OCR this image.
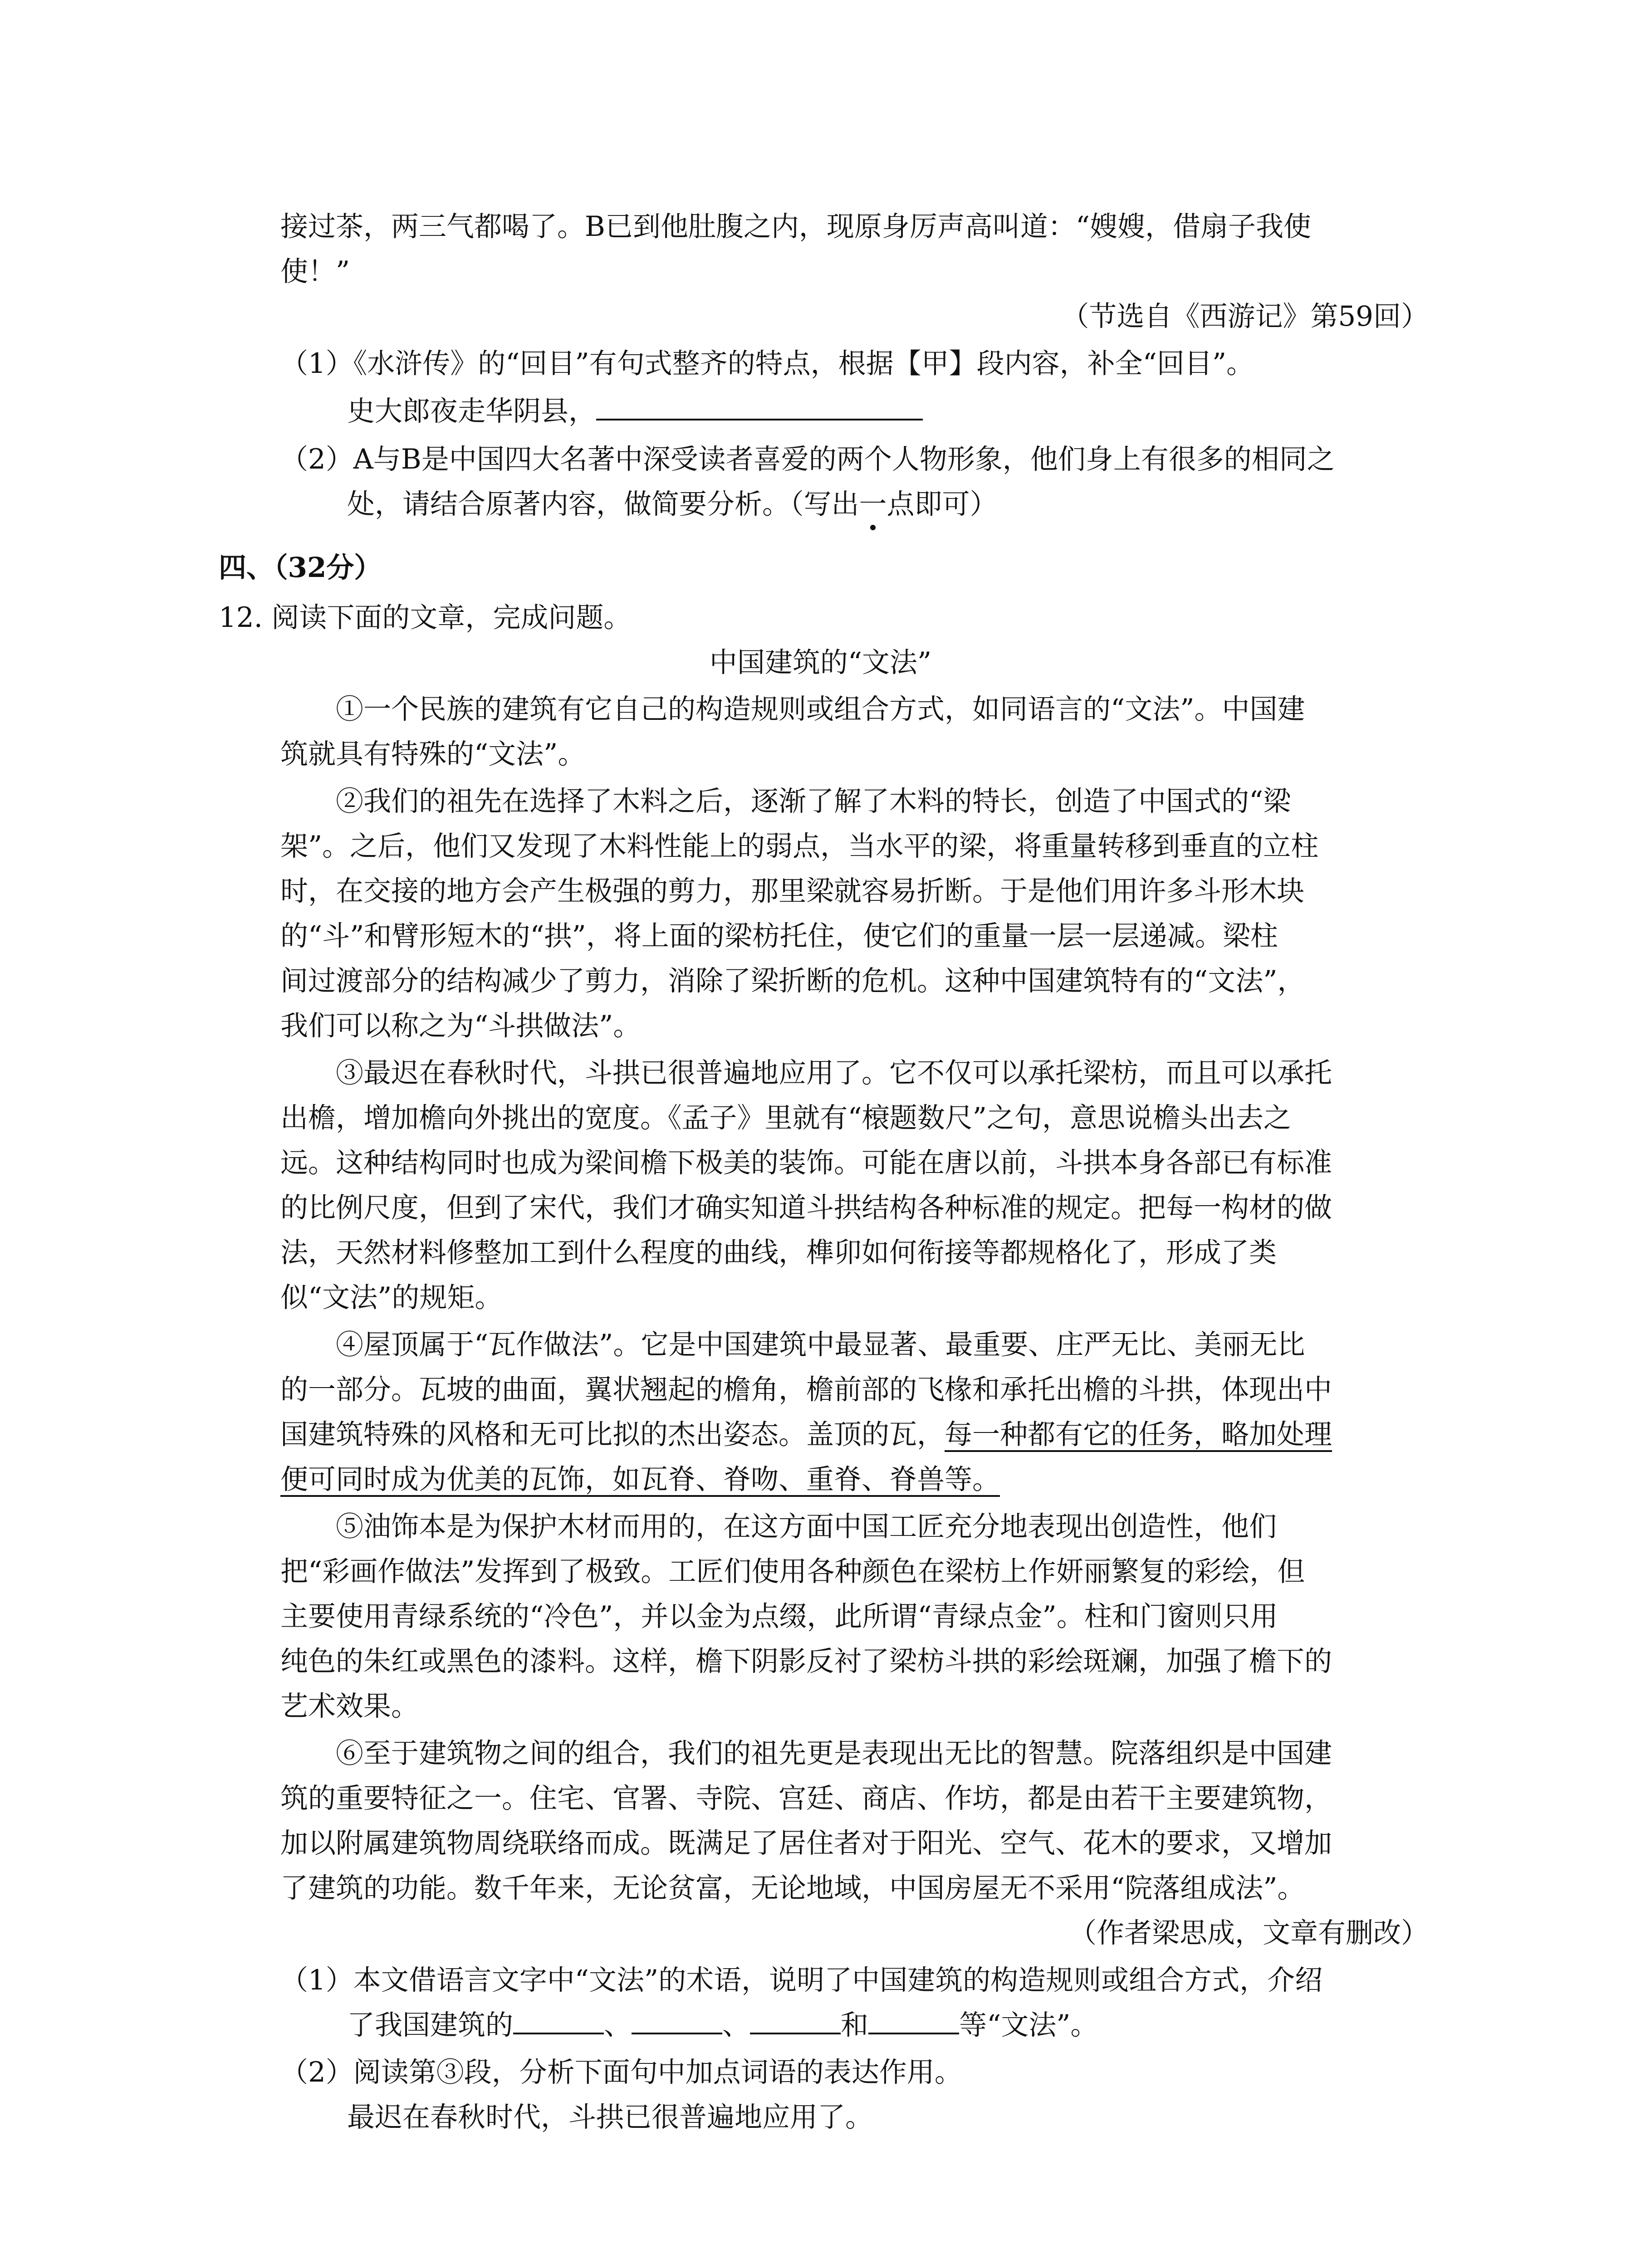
接过茶，两三气都喝了。B已到他肚腹之内，现原身厉声高叫道：“嫂嫂，借扇子我使
使！”
（节选自《西游记》第59回）
（1）《水浒传》的“回目”有句式整齐的特点，根据【甲】段内容，补全“回目”。
史大郎夜走华阴县，
（2）A与B是中国四大名著中深受读者喜爱的两个人物形象，他们身上有很多的相同之
处，请结合原著内容，做简要分析。（写出一点即可）
四、（32分）
12. 阅读下面的文章，完成问题。
中国建筑的“文法”
①一个民族的建筑有它自己的构造规则或组合方式，如同语言的“文法”。中国建
筑就具有特殊的“文法”。
②我们的祖先在选择了木料之后，逐渐了解了木料的特长，创造了中国式的“梁
架”。之后，他们又发现了木料性能上的弱点，当水平的梁，将重量转移到垂直的立柱
时，在交接的地方会产生极强的剪力，那里梁就容易折断。于是他们用许多斗形木块
的“斗”和臂形短木的“拱”，将上面的梁枋托住，使它们的重量一层一层递减。梁柱
间过渡部分的结构减少了剪力，消除了梁折断的危机。这种中国建筑特有的“文法”，
我们可以称之为“斗拱做法”。
③最迟在春秋时代，斗拱已很普遍地应用了。它不仅可以承托梁枋，而且可以承托
出檐，增加檐向外挑出的宽度。《孟子》里就有“榱题数尺”之句，意思说檐头出去之
远。这种结构同时也成为梁间檐下极美的装饰。可能在唐以前，斗拱本身各部已有标准
的比例尺度，但到了宋代，我们才确实知道斗拱结构各种标准的规定。把每一构材的做
法，天然材料修整加工到什么程度的曲线，榫卯如何衔接等都规格化了，形成了类
似“文法”的规矩。
④屋顶属于“瓦作做法”。它是中国建筑中最显著、最重要、庄严无比、美丽无比
的一部分。瓦坡的曲面，翼状翘起的檐角，檐前部的飞椽和承托出檐的斗拱，体现出中
国建筑特殊的风格和无可比拟的杰出姿态。盖顶的瓦，每一种都有它的任务，略加处理
便可同时成为优美的瓦饰，如瓦脊、脊吻、重脊、脊兽等。
⑤油饰本是为保护木材而用的，在这方面中国工匠充分地表现出创造性，他们
把“彩画作做法”发挥到了极致。工匠们使用各种颜色在梁枋上作妍丽繁复的彩绘，但
主要使用青绿系统的“冷色”，并以金为点缀，此所谓“青绿点金”。柱和门窗则只用
纯色的朱红或黑色的漆料。这样，檐下阴影反衬了梁枋斗拱的彩绘斑斓，加强了檐下的
艺术效果。
⑥至于建筑物之间的组合，我们的祖先更是表现出无比的智慧。院落组织是中国建
筑的重要特征之一。住宅、官署、寺院、宫廷、商店、作坊，都是由若干主要建筑物，
加以附属建筑物周绕联络而成。既满足了居住者对于阳光、空气、花木的要求，又增加
了建筑的功能。数千年来，无论贫富，无论地域，中国房屋无不采用“院落组成法”。
（作者梁思成，文章有删改）
（1）本文借语言文字中“文法”的术语，说明了中国建筑的构造规则或组合方式，介绍
了我国建筑的	、	、	和	等“文法”。
（2）阅读第③段，分析下面句中加点词语的表达作用。
最迟在春秋时代，斗拱已很普遍地应用了。
